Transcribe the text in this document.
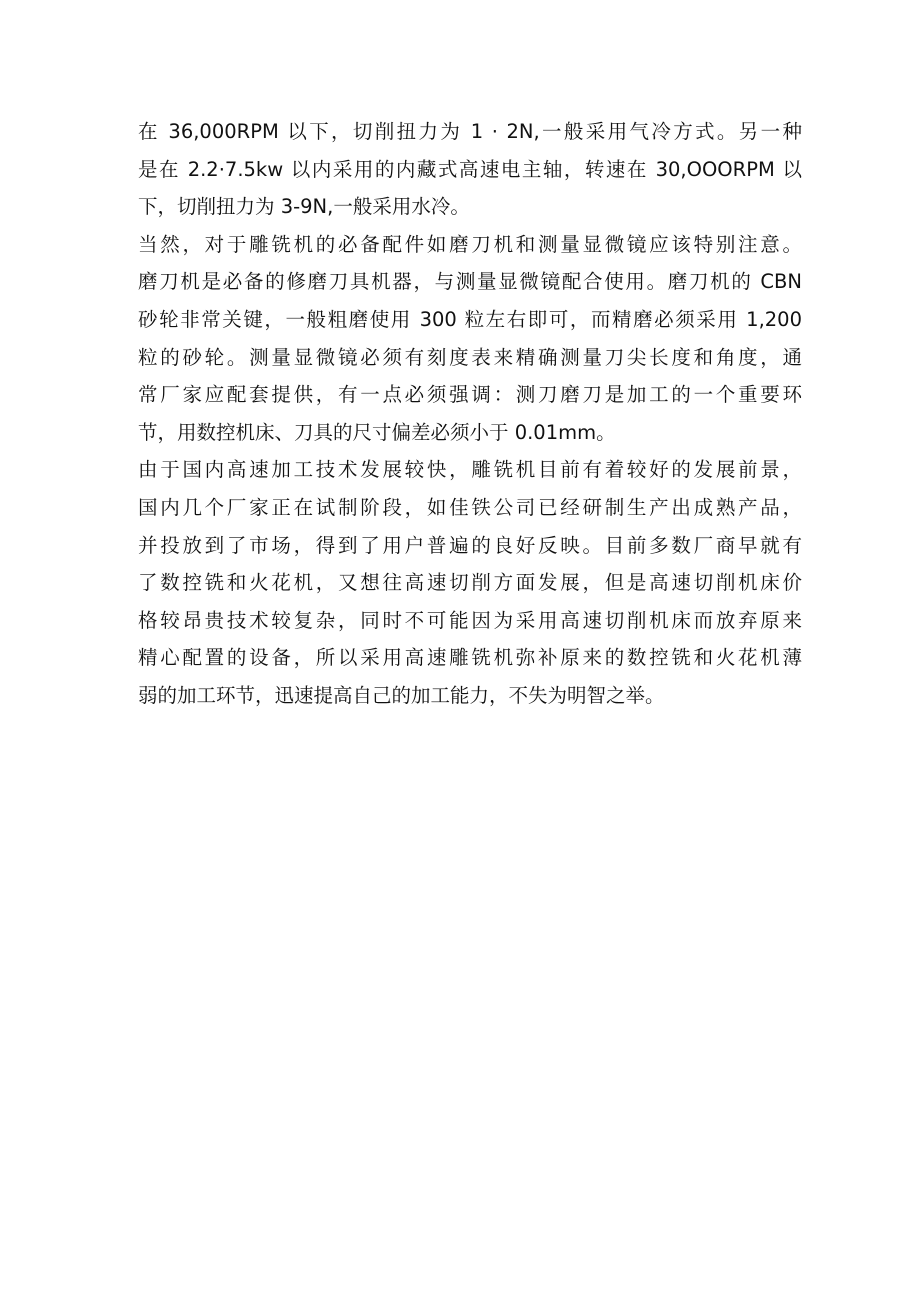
在 36,000RPM 以下，切削扭力为 1 · 2N,一般采用气冷方式。另一种

是在 2.2·7.5kw 以内采用的内藏式高速电主轴，转速在 30,OOORPM 以

下，切削扭力为 3-9N,一般采用水冷。

当然，对于雕铣机的必备配件如磨刀机和测量显微镜应该特别注意。

磨刀机是必备的修磨刀具机器，与测量显微镜配合使用。磨刀机的 CBN

砂轮非常关键，一般粗磨使用 300 粒左右即可，而精磨必须采用 1,200

粒的砂轮。测量显微镜必须有刻度表来精确测量刀尖长度和角度，通

常厂家应配套提供，有一点必须强调：测刀磨刀是加工的一个重要环

节，用数控机床、刀具的尺寸偏差必须小于 0.01mm。

由于国内高速加工技术发展较快，雕铣机目前有着较好的发展前景，

国内几个厂家正在试制阶段，如佳铁公司已经研制生产出成熟产品，

并投放到了市场，得到了用户普遍的良好反映。目前多数厂商早就有

了数控铣和火花机，又想往高速切削方面发展，但是高速切削机床价

格较昂贵技术较复杂，同时不可能因为采用高速切削机床而放弃原来

精心配置的设备，所以采用高速雕铣机弥补原来的数控铣和火花机薄

弱的加工环节，迅速提高自己的加工能力，不失为明智之举。
